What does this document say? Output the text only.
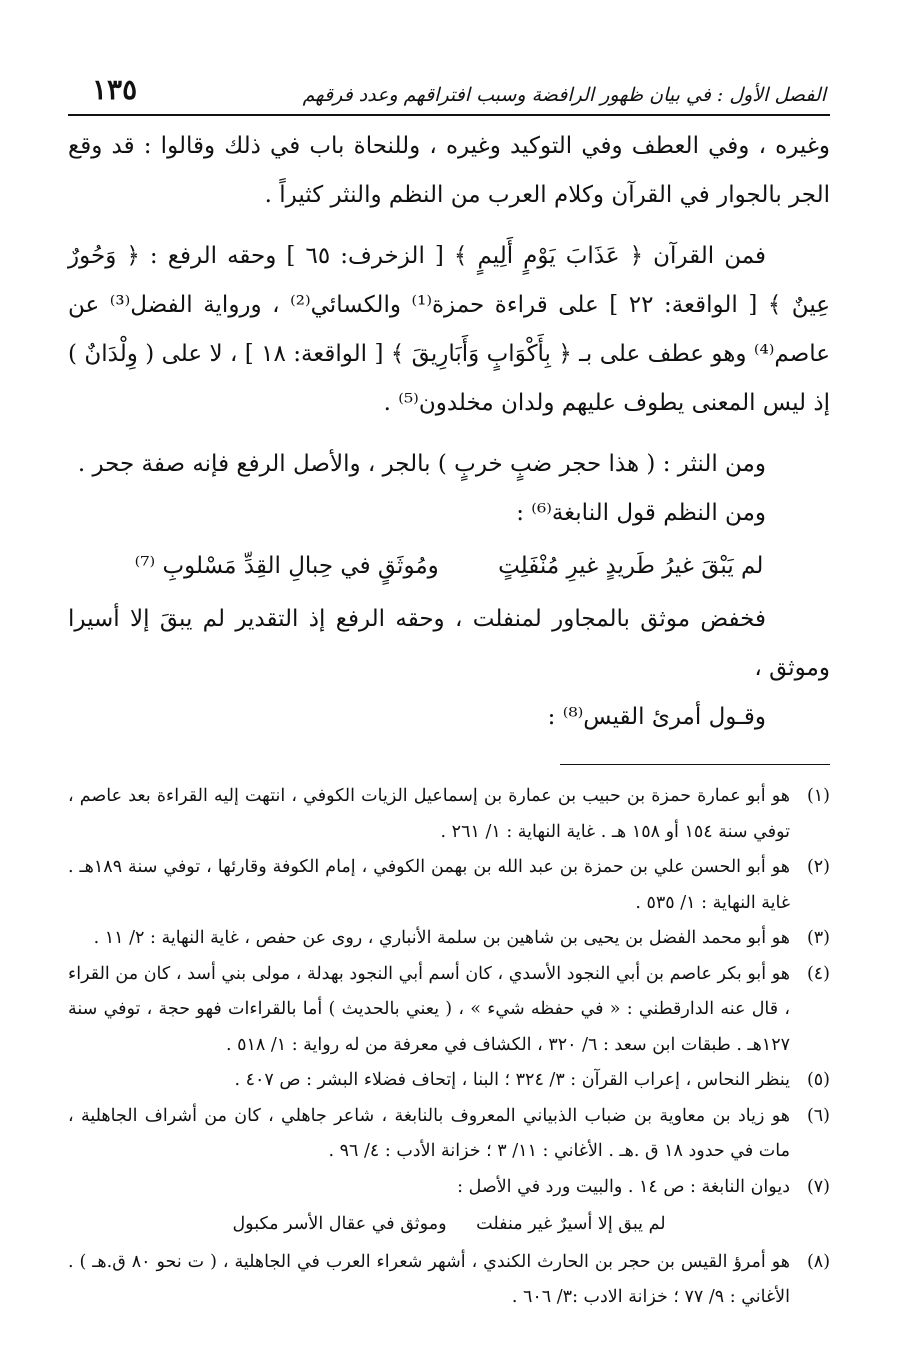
الفصل الأول : في بيان ظهور الرافضة وسبب افتراقهم وعدد فرقهم
١٣٥

وغيره ، وفي العطف وفي التوكيد وغيره ، وللنحاة باب في ذلك وقالوا : قد وقع الجر بالجوار في القرآن وكلام العرب من النظم والنثر كثيراً .

فمن القرآن ﴿ عَذَابَ يَوْمٍ أَلِيمٍ ﴾ [ الزخرف: ٦٥ ] وحقه الرفع : ﴿ وَحُورٌ عِينٌ ﴾ [ الواقعة: ٢٢ ] على قراءة حمزة⁽¹⁾ والكسائي⁽²⁾ ، ورواية الفضل⁽³⁾ عن عاصم⁽⁴⁾ وهو عطف على بـ ﴿ بِأَكْوَابٍ وَأَبَارِيقَ ﴾ [ الواقعة: ١٨ ] ، لا على ( وِلْدَانٌ ) إذ ليس المعنى يطوف عليهم ولدان مخلدون⁽⁵⁾ .

ومن النثر : ( هذا حجر ضبٍ خربٍ ) بالجر ، والأصل الرفع فإنه صفة جحر .

ومن النظم قول النابغة⁽⁶⁾ :

لم يَبْقَ غيرُ طَريدٍ غيرِ مُنْفَلِتٍ ومُوثَقٍ في حِبالِ القِدِّ مَسْلوبِ ⁽⁷⁾

فخفض موثق بالمجاور لمنفلت ، وحقه الرفع إذ التقدير لم يبقَ إلا أسيرا وموثق ،

وقـول أمرئ القيس⁽⁸⁾ :

(١)هو أبو عمارة حمزة بن حبيب بن عمارة بن إسماعيل الزيات الكوفي ، انتهت إليه القراءة بعد عاصم ، توفي سنة ١٥٤ أو ١٥٨ هـ . غاية النهاية : ١/ ٢٦١ .

(٢)هو أبو الحسن علي بن حمزة بن عبد الله بن بهمن الكوفي ، إمام الكوفة وقارئها ، توفي سنة ١٨٩هـ . غاية النهاية : ١/ ٥٣٥ .

(٣)هو أبو محمد الفضل بن يحيى بن شاهين بن سلمة الأنباري ، روى عن حفص ، غاية النهاية : ٢/ ١١ .

(٤)هو أبو بكر عاصم بن أبي النجود الأسدي ، كان أسم أبي النجود بهدلة ، مولى بني أسد ، كان من القراء ، قال عنه الدارقطني : « في حفظه شيء » ، ( يعني بالحديث ) أما بالقراءات فهو حجة ، توفي سنة ١٢٧هـ . طبقات ابن سعد : ٦/ ٣٢٠ ، الكشاف في معرفة من له رواية : ١/ ٥١٨ .

(٥)ينظر النحاس ، إعراب القرآن : ٣/ ٣٢٤ ؛ البنا ، إتحاف فضلاء البشر : ص ٤٠٧ .

(٦)هو زياد بن معاوية بن ضباب الذبياني المعروف بالنابغة ، شاعر جاهلي ، كان من أشراف الجاهلية ، مات في حدود ١٨ ق .هـ . الأغاني : ١١/ ٣ ؛ خزانة الأدب : ٤/ ٩٦ .

(٧)ديوان النابغة : ص ١٤ . والبيت ورد في الأصل :

لم يبق إلا أسيرٌ غير منفلت وموثق في عقال الأسر مكبول

(٨)هو أمرؤ القيس بن حجر بن الحارث الكندي ، أشهر شعراء العرب في الجاهلية ، ( ت نحو ٨٠ ق.هـ ) . الأغاني : ٩/ ٧٧ ؛ خزانة الادب :٣/ ٦٠٦ .
